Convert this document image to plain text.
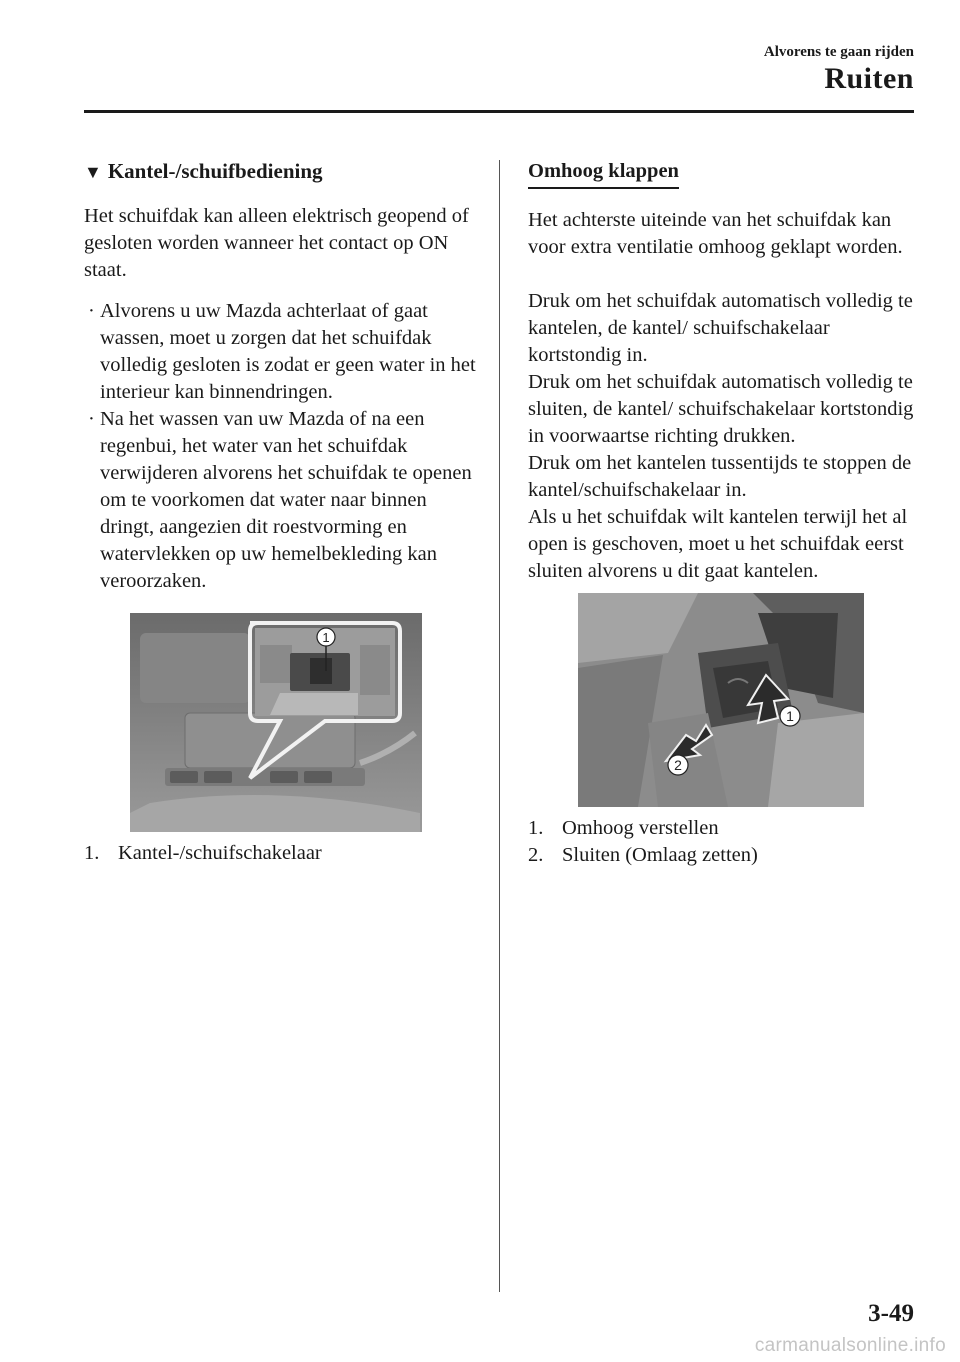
Alvorens te gaan rijden
Ruiten
▼ Kantel-/schuifbediening

Het schuifdak kan alleen elektrisch geopend of gesloten worden wanneer het contact op ON staat.

· Alvorens u uw Mazda achterlaat of gaat wassen, moet u zorgen dat het schuifdak volledig gesloten is zodat er geen water in het interieur kan binnendringen.
· Na het wassen van uw Mazda of na een regenbui, het water van het schuifdak verwijderen alvorens het schuifdak te openen om te voorkomen dat water naar binnen dringt, aangezien dit roestvorming en watervlekken op uw hemelbekleding kan veroorzaken.
1
1. Kantel-/schuifschakelaar
Omhoog klappen

Het achterste uiteinde van het schuifdak kan voor extra ventilatie omhoog geklapt worden.

Druk om het schuifdak automatisch volledig te kantelen, de kantel/ schuifschakelaar kortstondig in.

Druk om het schuifdak automatisch volledig te sluiten, de kantel/ schuifschakelaar kortstondig in voorwaartse richting drukken.

Druk om het kantelen tussentijds te stoppen de kantel/schuifschakelaar in.

Als u het schuifdak wilt kantelen terwijl het al open is geschoven, moet u het schuifdak eerst sluiten alvorens u dit gaat kantelen.

1
2
1. Omhoog verstellen
2. Sluiten (Omlaag zetten)
3-49
carmanualsonline.info
